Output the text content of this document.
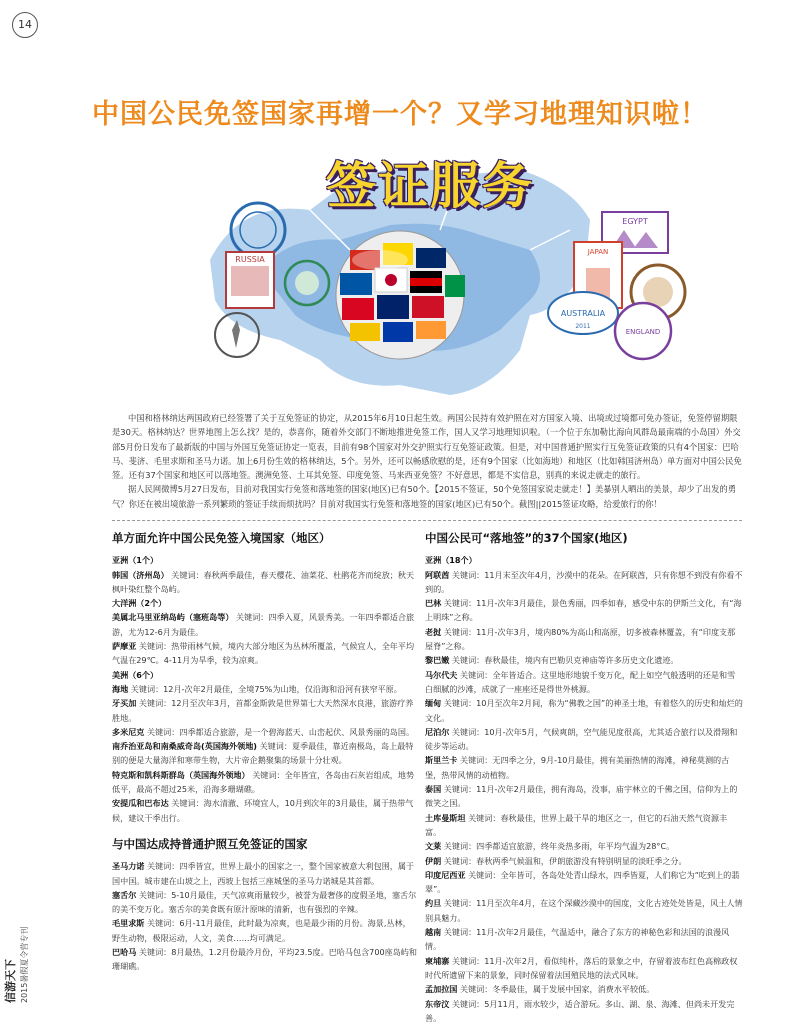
14
信游天下 2015暑假夏令营专刊
中国公民免签国家再增一个？又学习地理知识啦！
签证服务
RUSSIA
EGYPT
JAPAN
AUSTRALIA
2011
ENGLAND

中国和格林纳达两国政府已经签署了关于互免签证的协定，从2015年6月10日起生效。两国公民持有效护照在对方国家入境、出境或过境都可免办签证，免签停留期限是30天。格林纳达？世界地图上怎么找？是的，恭喜你，随着外交部门不断地推进免签工作，国人又学习地理知识啦。（一个位于东加勒比海向风群岛最南端的小岛国）外交部5月份日发布了最新版的中国与外国互免签证协定一览表，目前有98个国家对外交护照实行互免签证政策。但是，对中国普通护照实行互免签证政策的只有4个国家：巴哈马、斐济、毛里求斯和圣马力诺。加上6月份生效的格林纳达，5个。另外，还可以畅感欣慰的是，还有9个国家（比如海地）和地区（比如韩国济州岛）单方面对中国公民免签。还有37个国家和地区可以落地签。澳洲免签、土耳其免签、印度免签、马来西亚免签？不好意思，都是不实信息，别真的来说走就走的旅行。

据人民网微博5月27日发布，目前对我国实行免签和落地签的国家(地区)已有50个。【2015不签证，50个免签国家说走就走！】美暴别人晒出的美景，却少了出发的勇气？你还在被出境旅游一系列繁琐的签证手续而烦扰吗？目前对我国实行免签和落地签的国家(地区)已有50个。截图||2015签证攻略，给爱旅行的你！

单方面允许中国公民免签入境国家（地区）
亚洲（1个）
韩国（济州岛） 关键词：春秋两季最佳，春天樱花、油菜花、杜鹃花齐而绽放；秋天枫叶染红整个岛屿。
大洋洲（2个）
美属北马里亚纳岛屿（塞班岛等） 关键词：四季入夏，风景秀美。一年四季都适合旅游，尤为12-6月为最佳。
萨摩亚 关键词：热带雨林气候，境内大部分地区为丛林所覆盖，气候宜人，全年平均气温在29℃。4-11月为旱季，较为凉爽。
美洲（6个）
海地 关键词：12月-次年2月最佳，全境75%为山地，仅沿海和沿河有狭窄平原。
牙买加 关键词：12月至次年3月，首都金斯敦是世界第七大天然深水良港，旅游疗养胜地。
多米尼克 关键词：四季都适合旅游，是一个碧海蓝天、山峦起伏、风景秀丽的岛国。
南乔治亚岛和南桑威奇岛(英国海外领地) 关键词：夏季最佳，靠近南极岛，岛上最特别的便是大量海洋和寒带生物，大片帝企鹅聚集的场景十分壮观。
特克斯和凯科斯群岛（英国海外领地） 关键词：全年皆宜，各岛由石灰岩组成，地势低平，最高不超过25米，沿海多珊瑚礁。
安提瓜和巴布达 关键词：海水清澈、环境宜人，10月到次年的3月最佳，属于热带气候，建议干季出行。
与中国达成持普通护照互免签证的国家
圣马力诺 关键词：四季皆宜，世界上最小的国家之一，整个国家被意大利包围，属于国中国。城市建在山坡之上，西坡上包括三座城堡的圣马力诺城是其首都。
塞舌尔 关键词：5-10月最佳，天气凉爽雨量较少，被誉为最奢侈的度假圣地，塞舌尔的美不变万化。塞舌尔的美食既有原汁原味的清新，也有强烈的辛辣。
毛里求斯 关键词：6月-11月最佳，此时最为凉爽，也是最少雨的月份。海景,丛林，野生动物，极限运动，人文，美食……均可满足。
巴哈马 关键词：8月最热，1.2月份最冷月份，平均23.5度。巴哈马包含700座岛屿和珊瑚礁。
中国公民可“落地签”的37个国家(地区)
亚洲（18个）
阿联酋 关键词：11月末至次年4月，沙漠中的花朵。在阿联酋，只有你想不到没有你看不到的。
巴林 关键词：11月-次年3月最佳，景色秀丽，四季如春，感受中东的伊斯兰文化，有“海上明珠”之称。
老挝 关键词：11月-次年3月，境内80%为高山和高原，切多被森林覆盖，有“印度支那屋脊”之称。
黎巴嫩 关键词：春秋最佳，境内有巴勒贝克神庙等许多历史文化遗迹。
马尔代夫 关键词：全年皆适合。这里地形地貌千变万化，配上如空气般透明的还是和雪白细腻的沙滩，成就了一座座还是得世外桃源。
缅甸 关键词：10月至次年2月间，称为“佛教之国”的神圣土地，有着悠久的历史和灿烂的文化。
尼泊尔 关键词：10月-次年5月，气候爽朗，空气能见度很高，尤其适合旅行以及滑翔和徒步等运动。
斯里兰卡 关键词：无四季之分，9月-10月最佳，拥有美丽热情的海滩，神秘莫测的古堡，热带风情的动植物。
泰国 关键词：11月-次年2月最佳，拥有海岛，没事，庙宇林立的千佛之国，信仰为上的微笑之国。
土库曼斯坦 关键词：春秋最佳，世界上最干旱的地区之一，但它的石油天然气资源丰富。
文莱 关键词：四季都适宜旅游，终年炎热多雨，年平均气温为28°C。
伊朗 关键词：春秋两季气候温和，伊朗旅游没有特别明显的淡旺季之分。
印度尼西亚 关键词：全年皆可，各岛处处青山绿水，四季皆夏，人们称它为“吃到上的翡翠”。
约旦 关键词：11月至次年4月，在这个深藏沙漠中的国度，文化古迹处处皆是，风土人情别具魅力。
越南 关键词：11月-次年2月最佳，气温适中，融合了东方的神秘色彩和法国的浪漫风情。
柬埔寨 关键词：11月-次年2月，看似纯朴，落后的景象之中，存留着波布红色高棉政权时代所遗留下来的景象，同时保留着法国殖民地的法式风味。
孟加拉国 关键词：冬季最佳，属于发展中国家，消费水平较低。
东帝汶 关键词：5月11月，雨水较少，适合游玩。多山、湖、泉、海滩、但尚未开发完善。
